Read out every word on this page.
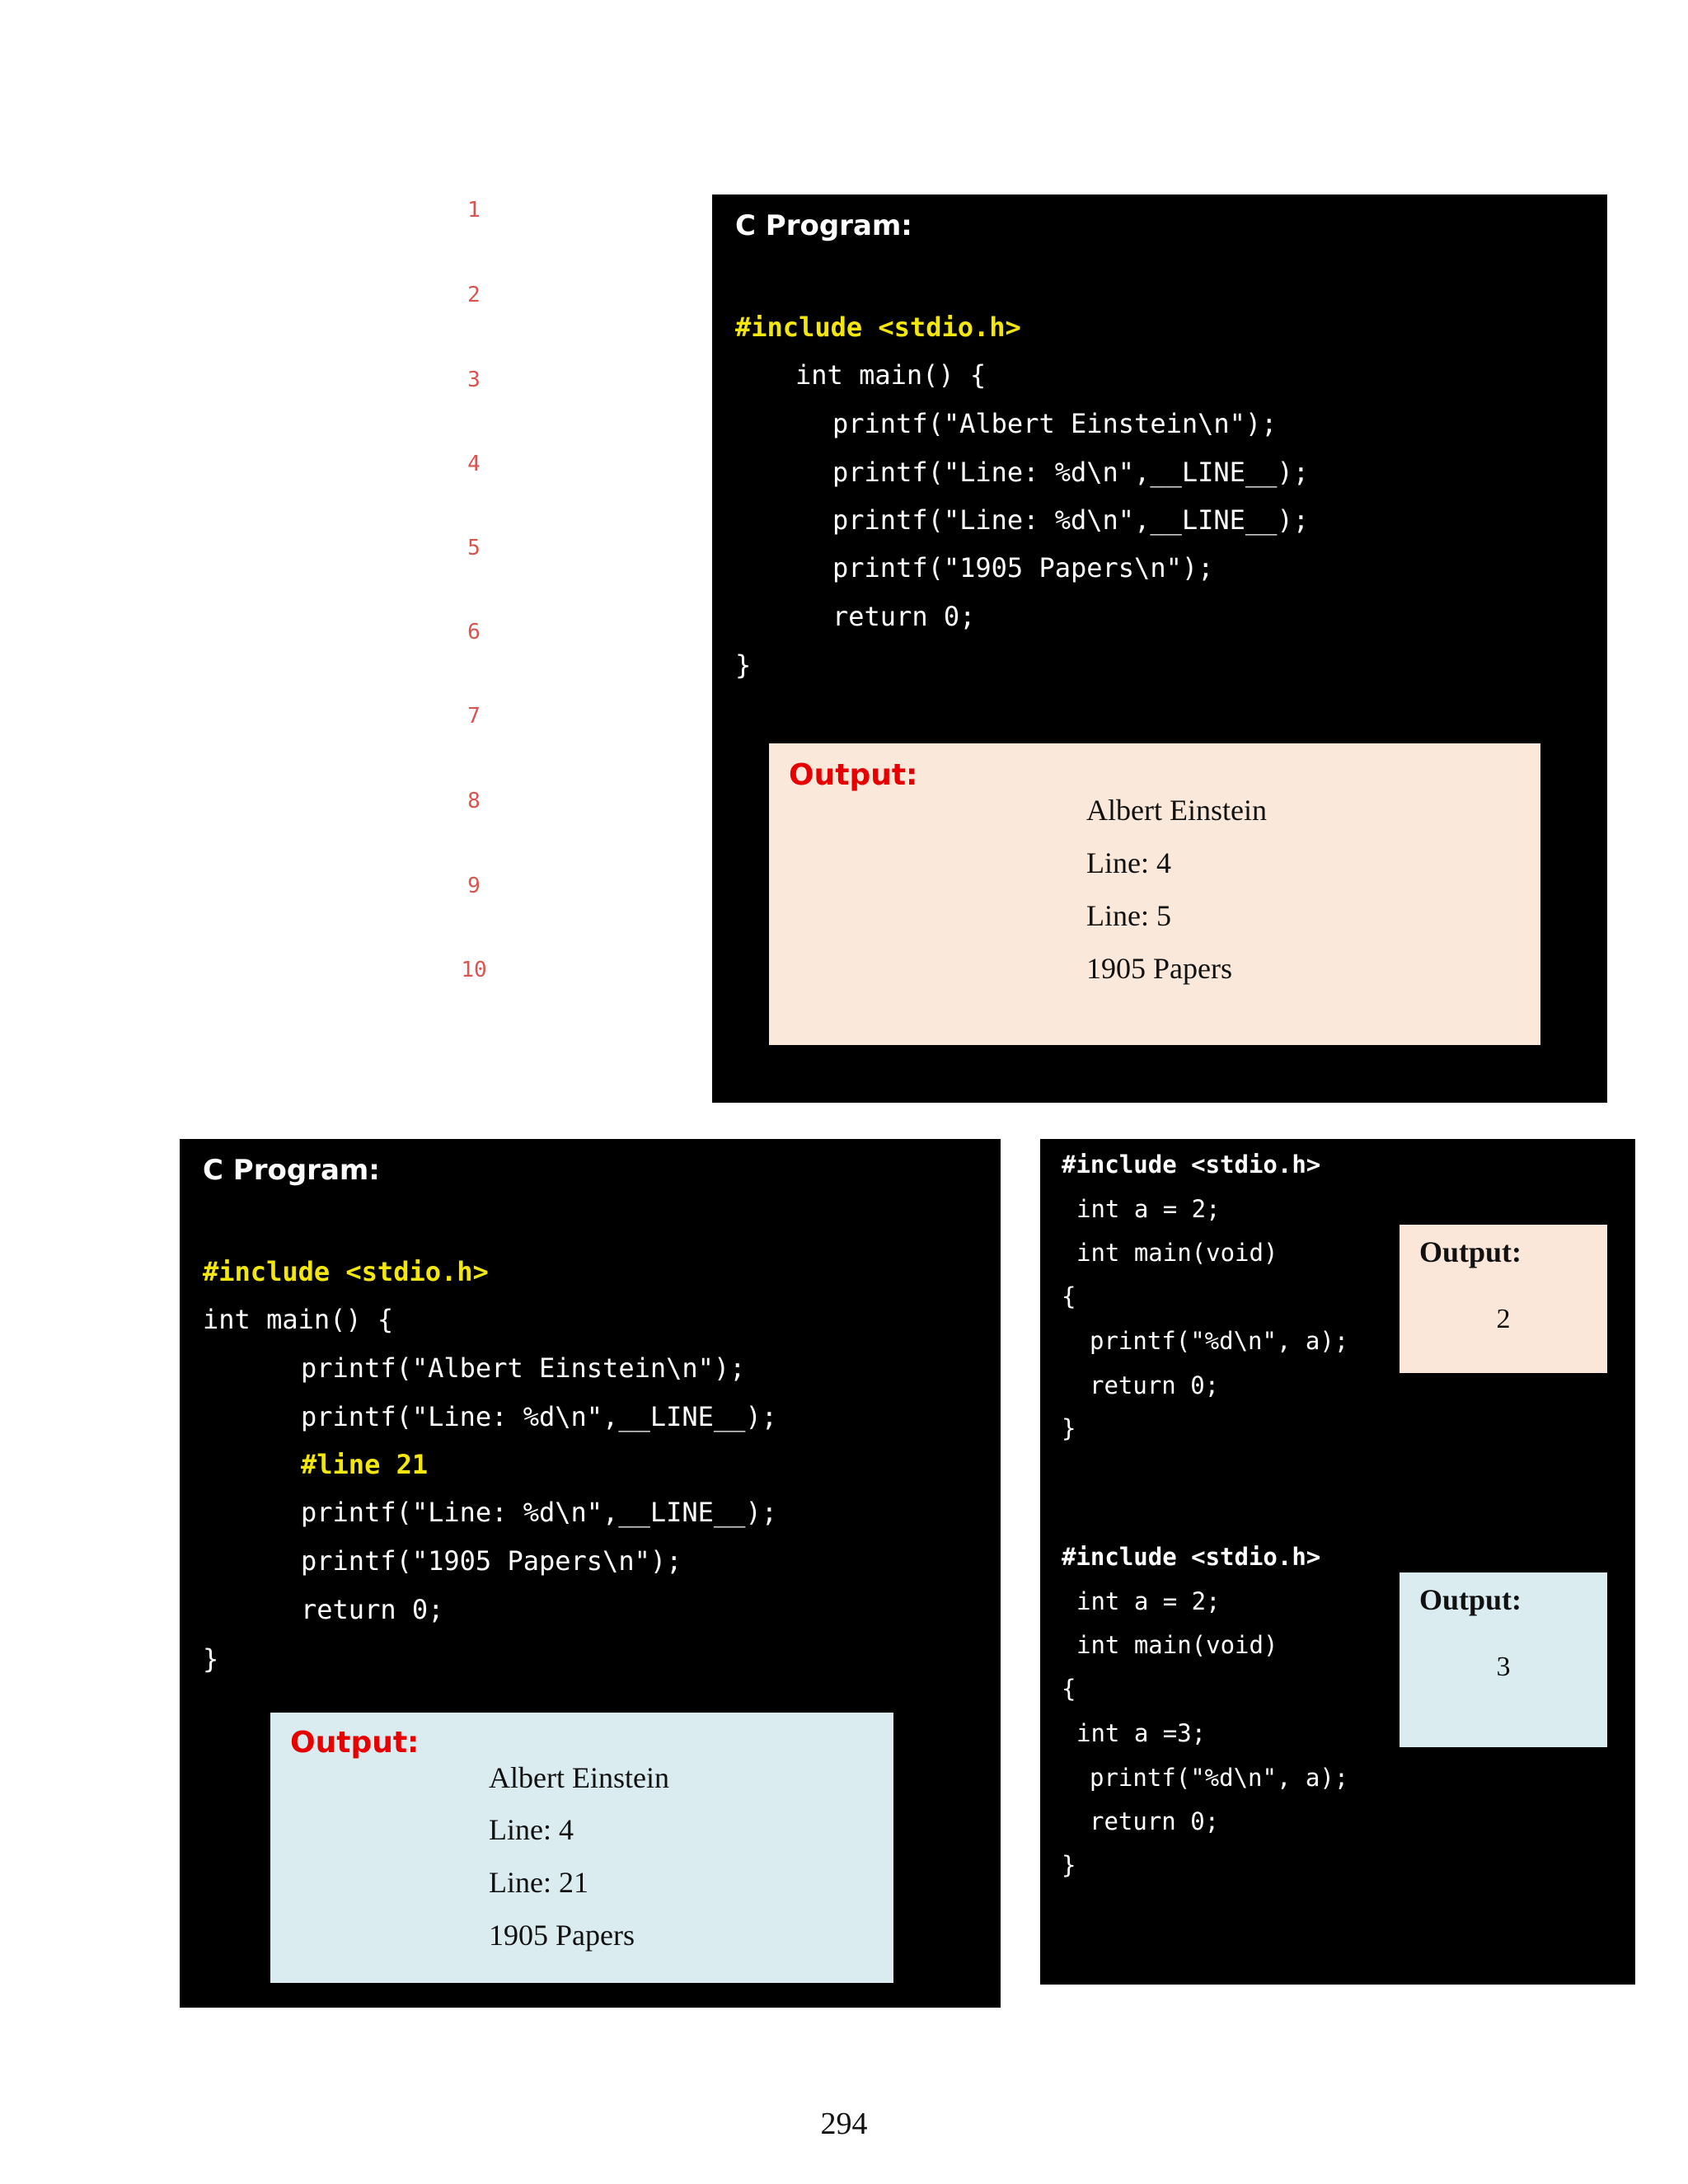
1
2
3
4
5
6
7
8
9
10
C Program:
#include <stdio.h>
int main() {
printf("Albert Einstein\n");
printf("Line: %d\n",__LINE__);
printf("Line: %d\n",__LINE__);
printf("1905 Papers\n");
return 0;
}
Output:
Albert Einstein
Line: 4
Line: 5
1905 Papers
C Program:
#include <stdio.h>
int main() {
printf("Albert Einstein\n");
printf("Line: %d\n",__LINE__);
#line 21
printf("Line: %d\n",__LINE__);
printf("1905 Papers\n");
return 0;
}
Output:
Albert Einstein
Line: 4
Line: 21
1905 Papers
#include <stdio.h>
int a = 2;
int main(void)
{
printf("%d\n", a);
return 0;
}
Output:
2
#include <stdio.h>
int a = 2;
int main(void)
{
int a =3;
printf("%d\n", a);
return 0;
}
Output:
3
294
